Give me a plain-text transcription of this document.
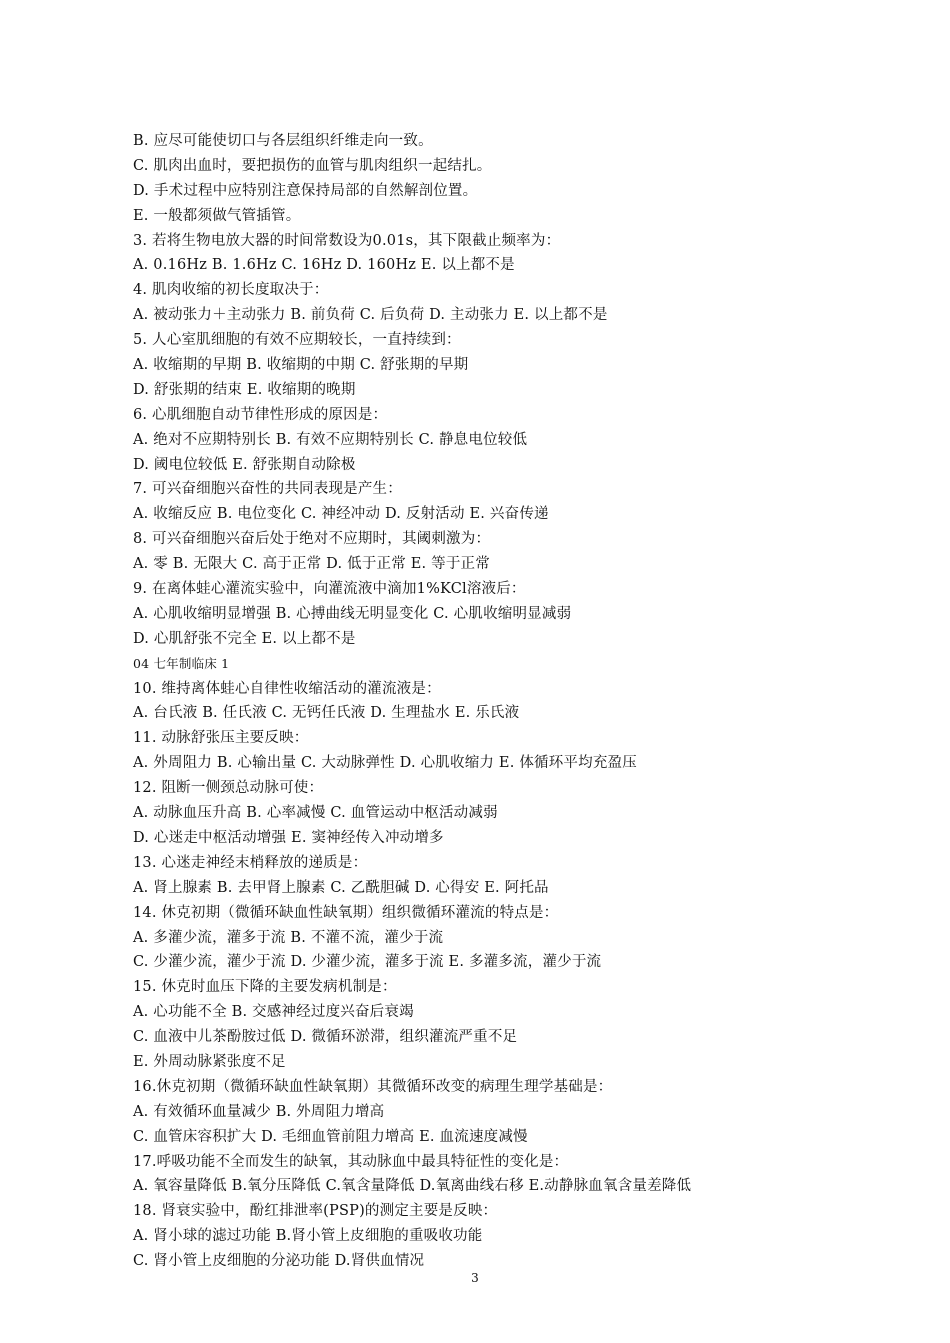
B. 应尽可能使切口与各层组织纤维走向一致。
C. 肌肉出血时，要把损伤的血管与肌肉组织一起结扎。
D. 手术过程中应特别注意保持局部的自然解剖位置。
E. 一般都须做气管插管。
3. 若将生物电放大器的时间常数设为0.01s，其下限截止频率为：
A. 0.16Hz B. 1.6Hz C. 16Hz D. 160Hz E. 以上都不是
4. 肌肉收缩的初长度取决于：
A. 被动张力＋主动张力 B. 前负荷 C. 后负荷 D. 主动张力 E. 以上都不是
5. 人心室肌细胞的有效不应期较长，一直持续到：
A. 收缩期的早期 B. 收缩期的中期 C. 舒张期的早期
D. 舒张期的结束 E. 收缩期的晚期
6. 心肌细胞自动节律性形成的原因是：
A. 绝对不应期特别长 B. 有效不应期特别长 C. 静息电位较低
D. 阈电位较低 E. 舒张期自动除极
7. 可兴奋细胞兴奋性的共同表现是产生：
A. 收缩反应 B. 电位变化 C. 神经冲动 D. 反射活动 E. 兴奋传递
8. 可兴奋细胞兴奋后处于绝对不应期时，其阈刺激为：
A. 零 B. 无限大 C. 高于正常 D. 低于正常 E. 等于正常
9. 在离体蛙心灌流实验中，向灌流液中滴加1%KCl溶液后：
A. 心肌收缩明显增强 B. 心搏曲线无明显变化 C. 心肌收缩明显减弱
D. 心肌舒张不完全 E. 以上都不是
04 七年制临床 1
10. 维持离体蛙心自律性收缩活动的灌流液是：
A. 台氏液 B. 任氏液 C. 无钙任氏液 D. 生理盐水 E. 乐氏液
11. 动脉舒张压主要反映：
A. 外周阻力 B. 心输出量 C. 大动脉弹性 D. 心肌收缩力 E. 体循环平均充盈压
12. 阻断一侧颈总动脉可使：
A. 动脉血压升高 B. 心率减慢 C. 血管运动中枢活动减弱
D. 心迷走中枢活动增强 E. 窦神经传入冲动增多
13. 心迷走神经末梢释放的递质是：
A. 肾上腺素 B. 去甲肾上腺素 C. 乙酰胆碱 D. 心得安 E. 阿托品
14. 休克初期（微循环缺血性缺氧期）组织微循环灌流的特点是：
A. 多灌少流，灌多于流 B. 不灌不流，灌少于流
C. 少灌少流，灌少于流 D. 少灌少流，灌多于流 E. 多灌多流，灌少于流
15. 休克时血压下降的主要发病机制是：
A. 心功能不全 B. 交感神经过度兴奋后衰竭
C. 血液中儿茶酚胺过低 D. 微循环淤滞，组织灌流严重不足
E. 外周动脉紧张度不足
16.休克初期（微循环缺血性缺氧期）其微循环改变的病理生理学基础是：
A. 有效循环血量减少 B. 外周阻力增高
C. 血管床容积扩大 D. 毛细血管前阻力增高 E. 血流速度减慢
17.呼吸功能不全而发生的缺氧，其动脉血中最具特征性的变化是：
A. 氧容量降低 B.氧分压降低 C.氧含量降低 D.氧离曲线右移 E.动静脉血氧含量差降低
18. 肾衰实验中，酚红排泄率(PSP)的测定主要是反映：
A. 肾小球的滤过功能 B.肾小管上皮细胞的重吸收功能
C. 肾小管上皮细胞的分泌功能 D.肾供血情况
3
